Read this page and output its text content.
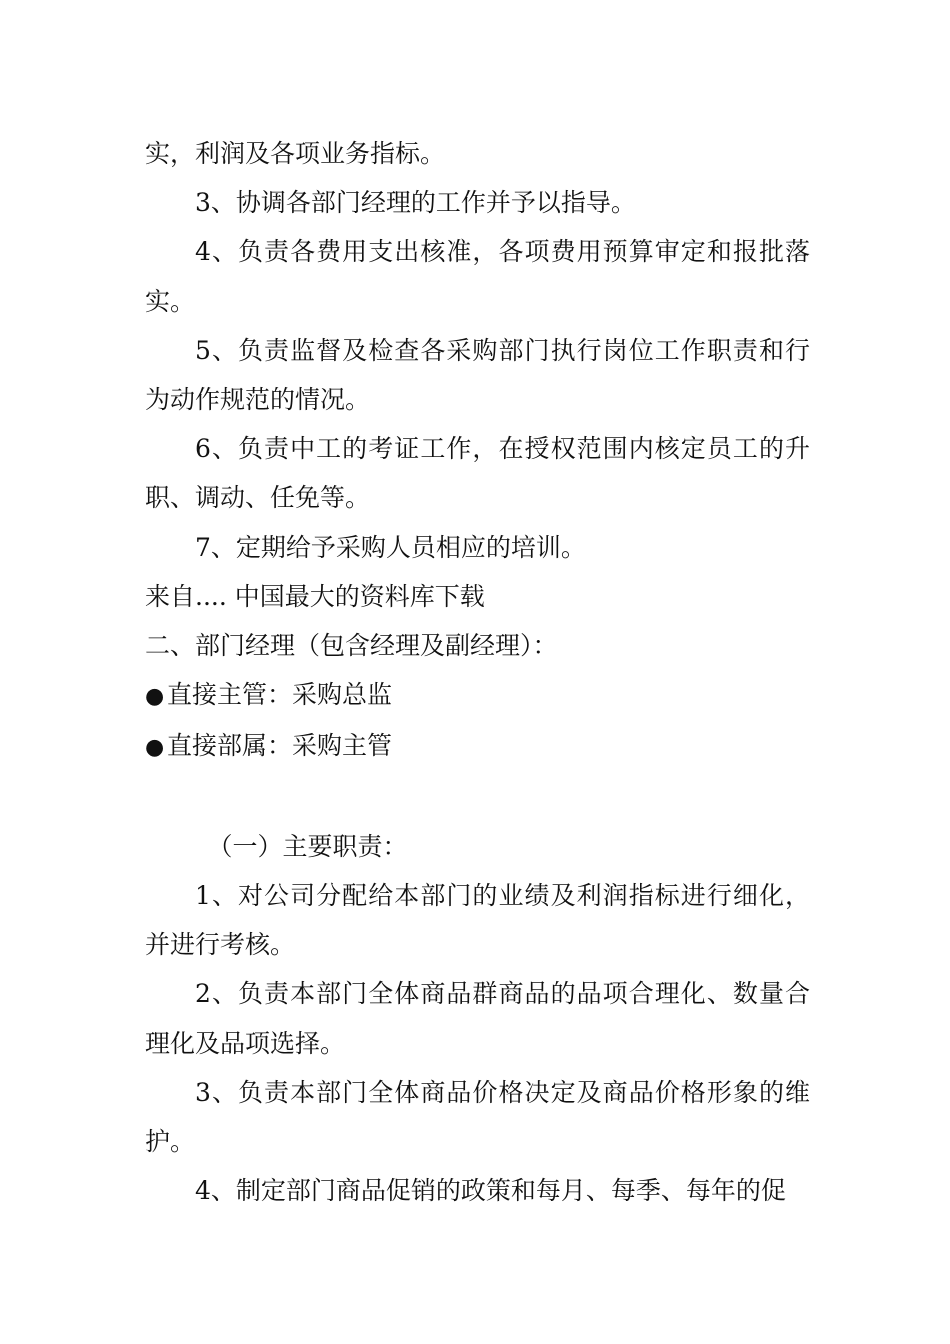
实，利润及各项业务指标。

3、协调各部门经理的工作并予以指导。

4、负责各费用支出核准，各项费用预算审定和报批落实。

5、负责监督及检查各采购部门执行岗位工作职责和行为动作规范的情况。

6、负责中工的考证工作，在授权范围内核定员工的升职、调动、任免等。

7、定期给予采购人员相应的培训。

来自.... 中国最大的资料库下载

二、部门经理（包含经理及副经理）：

● 直接主管：采购总监
● 直接部属：采购主管

（一）主要职责：

1、对公司分配给本部门的业绩及利润指标进行细化，并进行考核。

2、负责本部门全体商品群商品的品项合理化、数量合理化及品项选择。

3、负责本部门全体商品价格决定及商品价格形象的维护。

4、制定部门商品促销的政策和每月、每季、每年的促
